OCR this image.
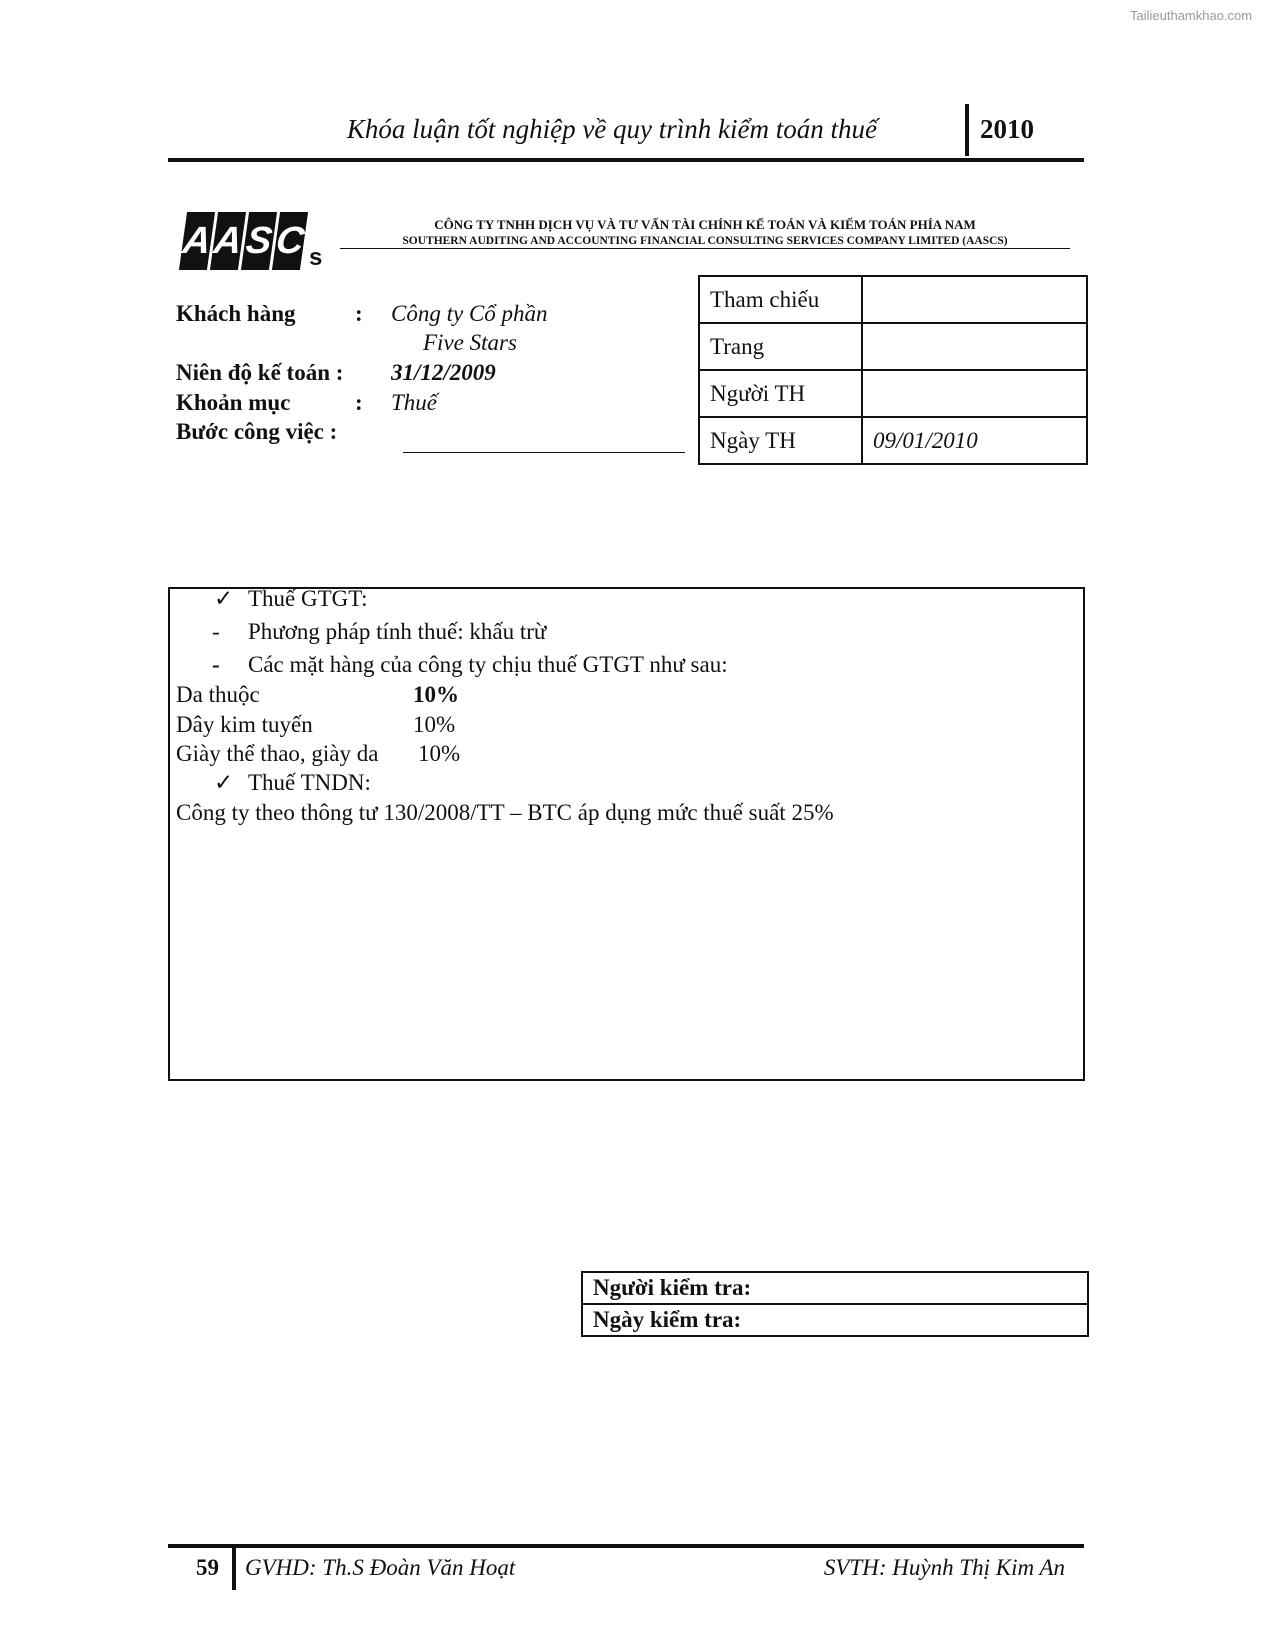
Tailieuthamkhao.com
Khóa luận tốt nghiệp về quy trình kiểm toán thuế	2010
A
A
S
C s
CÔNG TY TNHH DỊCH VỤ VÀ TƯ VẤN TÀI CHÍNH KẾ TOÁN VÀ KIỂM TOÁN PHÍA NAM
SOUTHERN AUDITING AND ACCOUNTING FINANCIAL CONSULTING SERVICES COMPANY LIMITED (AASCS)
Khách hàng	: Công ty Cổ phần
Five Stars
Niên độ kế toán : 31/12/2009
Khoản mục	: Thuế
Bước công việc :
Tham chiếu	
Trang	
Người TH	
Ngày TH	09/01/2010
✓ Thuế GTGT:
- Phương pháp tính thuế: khấu trừ
- Các mặt hàng của công ty chịu thuế GTGT như sau:
Da thuộc	10%
Dây kim tuyến	10%
Giày thể thao, giày da 10%
✓ Thuế TNDN:
Công ty theo thông tư 130/2008/TT – BTC áp dụng mức thuế suất 25%
Người kiểm tra:
Ngày kiểm tra:
59 GVHD: Th.S Đoàn Văn Hoạt	SVTH: Huỳnh Thị Kim An
